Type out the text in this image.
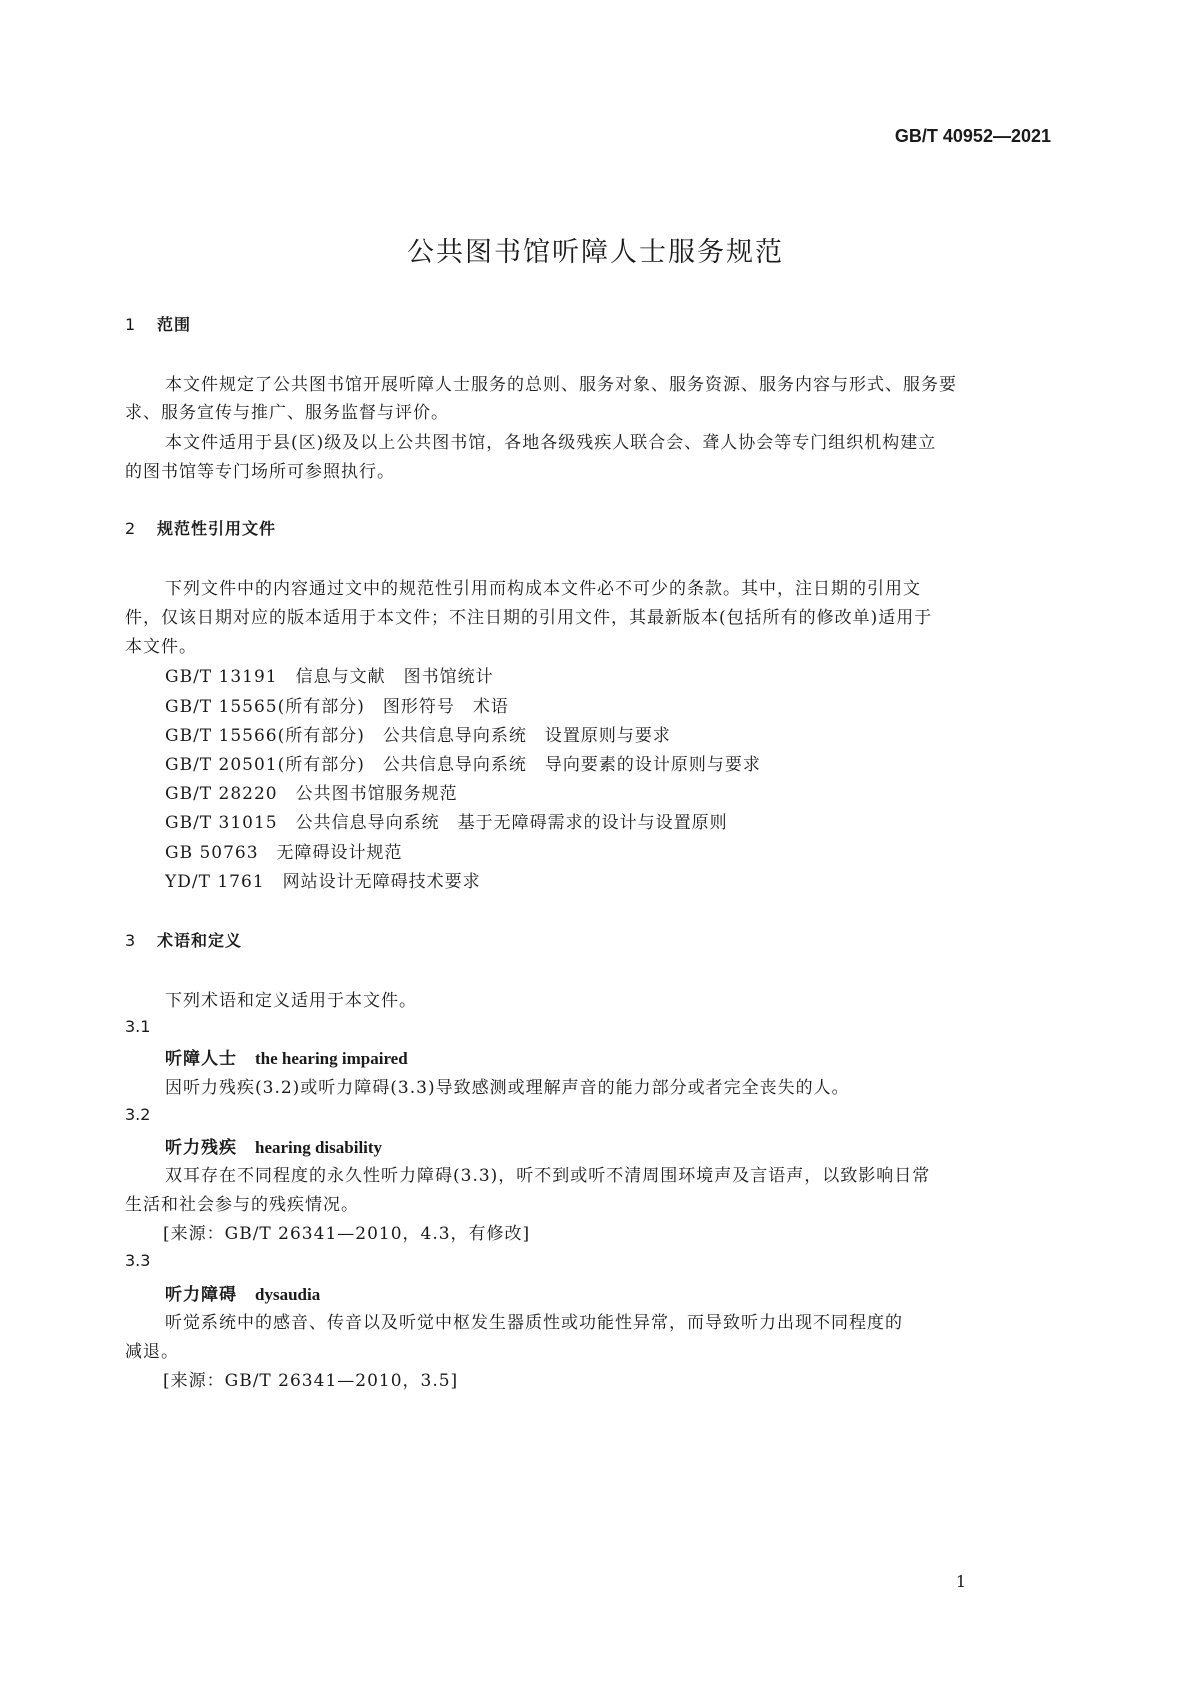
GB/T 40952—2021
公共图书馆听障人士服务规范
1 范围
本文件规定了公共图书馆开展听障人士服务的总则、服务对象、服务资源、服务内容与形式、服务要
求、服务宣传与推广、服务监督与评价。
本文件适用于县(区)级及以上公共图书馆，各地各级残疾人联合会、聋人协会等专门组织机构建立
的图书馆等专门场所可参照执行。
2 规范性引用文件
下列文件中的内容通过文中的规范性引用而构成本文件必不可少的条款。其中，注日期的引用文
件，仅该日期对应的版本适用于本文件；不注日期的引用文件，其最新版本(包括所有的修改单)适用于
本文件。
GB/T 13191　信息与文献　图书馆统计
GB/T 15565(所有部分)　图形符号　术语
GB/T 15566(所有部分)　公共信息导向系统　设置原则与要求
GB/T 20501(所有部分)　公共信息导向系统　导向要素的设计原则与要求
GB/T 28220　公共图书馆服务规范
GB/T 31015　公共信息导向系统　基于无障碍需求的设计与设置原则
GB 50763　无障碍设计规范
YD/T 1761　网站设计无障碍技术要求
3 术语和定义
下列术语和定义适用于本文件。
3.1
听障人士 the hearing impaired
因听力残疾(3.2)或听力障碍(3.3)导致感测或理解声音的能力部分或者完全丧失的人。
3.2
听力残疾 hearing disability
双耳存在不同程度的永久性听力障碍(3.3)，听不到或听不清周围环境声及言语声，以致影响日常
生活和社会参与的残疾情况。
[来源：GB/T 26341—2010，4.3，有修改]
3.3
听力障碍 dysaudia
听觉系统中的感音、传音以及听觉中枢发生器质性或功能性异常，而导致听力出现不同程度的
减退。
[来源：GB/T 26341—2010，3.5]
1
